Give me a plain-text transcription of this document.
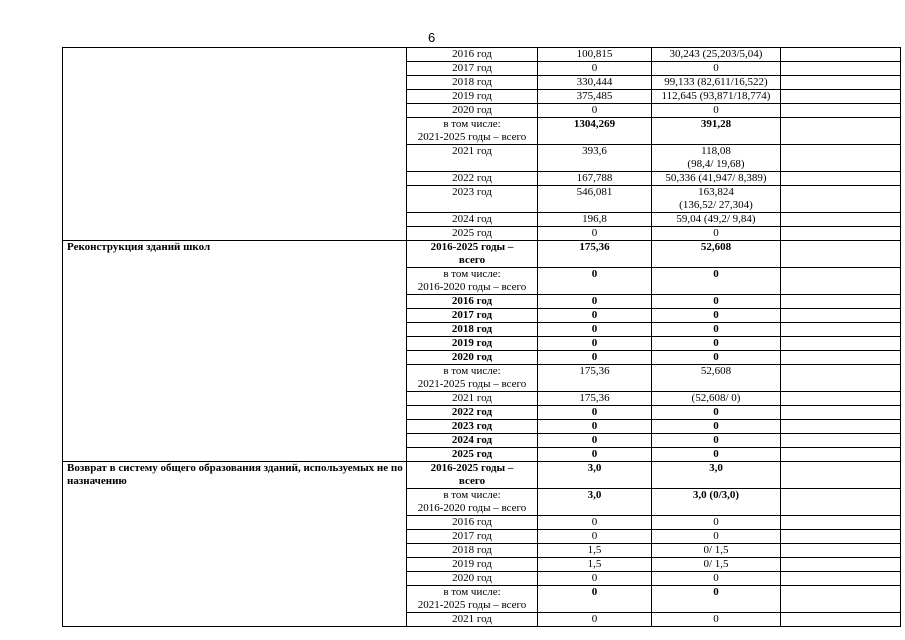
6
	2016 год	100,815	30,243 (25,203/5,04)	
	2017 год	0	0	
	2018 год	330,444	99,133 (82,611/16,522)	
	2019 год	375,485	112,645 (93,871/18,774)	
	2020 год	0	0	
	в том числе:
2021-2025 годы – всего	1304,269	391,28	
	2021 год	393,6	118,08
(98,4/ 19,68)	
	2022 год	167,788	50,336 (41,947/ 8,389)	
	2023 год	546,081	163,824
(136,52/ 27,304)	
	2024 год	196,8	59,04 (49,2/ 9,84)	
	2025 год	0	0	
Реконструкция зданий школ	2016-2025 годы –
всего	175,36	52,608	
	в том числе:
2016-2020 годы – всего	0	0	
	2016 год	0	0	
	2017 год	0	0	
	2018 год	0	0	
	2019 год	0	0	
	2020 год	0	0	
	в том числе:
2021-2025 годы – всего	175,36	52,608	
	2021 год	175,36	(52,608/ 0)	
	2022 год	0	0	
	2023 год	0	0	
	2024 год	0	0	
	2025 год	0	0	
Возврат в систему общего образования зданий, используемых не по назначению	2016-2025 годы –
всего	3,0	3,0	
	в том числе:
2016-2020 годы – всего	3,0	3,0 (0/3,0)	
	2016 год	0	0	
	2017 год	0	0	
	2018 год	1,5	0/ 1,5	
	2019 год	1,5	0/ 1,5	
	2020 год	0	0	
	в том числе:
2021-2025 годы – всего	0	0	
	2021 год	0	0	
